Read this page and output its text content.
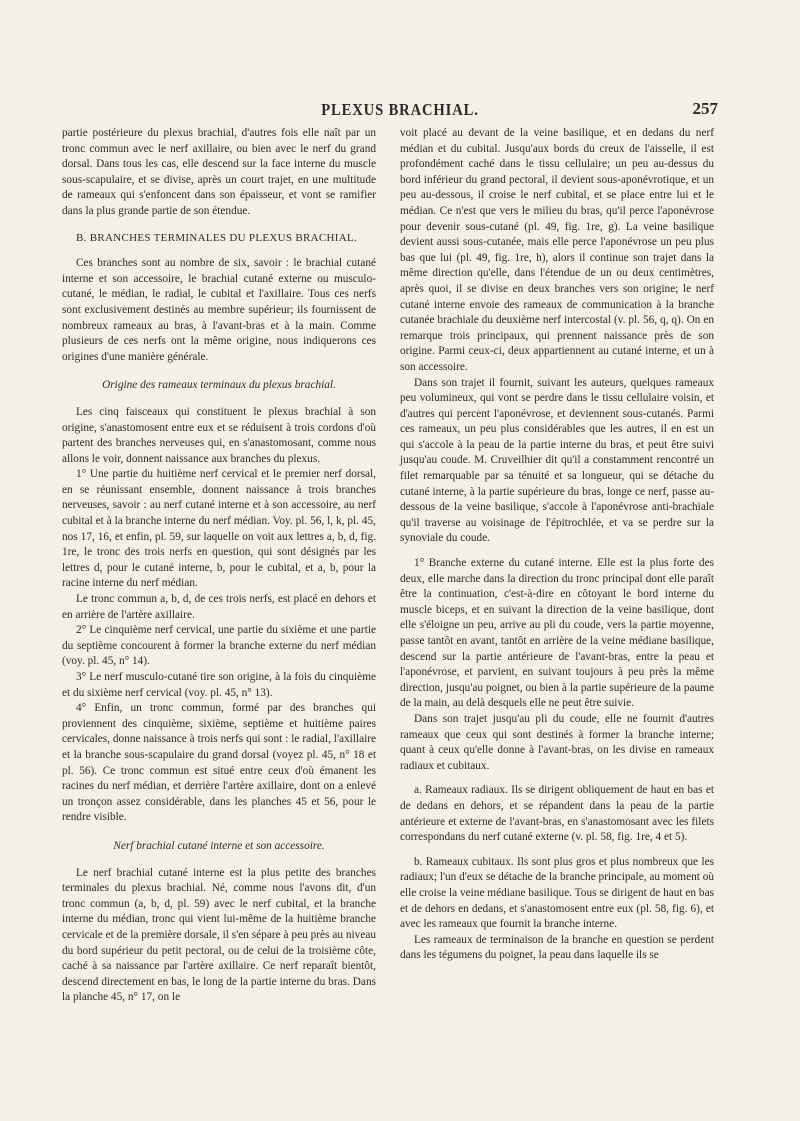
PLEXUS BRACHIAL.	257

partie postérieure du plexus brachial, d'autres fois elle naît par un tronc commun avec le nerf axillaire, ou bien avec le nerf du grand dorsal. Dans tous les cas, elle descend sur la face interne du muscle sous-scapulaire, et se divise, après un court trajet, en une multitude de rameaux qui s'enfoncent dans son épaisseur, et vont se ramifier dans la plus grande partie de son étendue.

B. BRANCHES TERMINALES DU PLEXUS BRACHIAL.

Ces branches sont au nombre de six, savoir : le brachial cutané interne et son accessoire, le brachial cutané externe ou musculo-cutané, le médian, le radial, le cubital et l'axillaire. Tous ces nerfs sont exclusivement destinés au membre supérieur; ils fournissent de nombreux rameaux au bras, à l'avant-bras et à la main. Comme plusieurs de ces nerfs ont la même origine, nous indiquerons ces origines d'une manière générale.

Origine des rameaux terminaux du plexus brachial.

Les cinq faisceaux qui constituent le plexus brachial à son origine, s'anastomosent entre eux et se réduisent à trois cordons d'où partent des branches nerveuses qui, en s'anastomosant, comme nous allons le voir, donnent naissance aux branches du plexus.

1° Une partie du huitième nerf cervical et le premier nerf dorsal, en se réunissant ensemble, donnent naissance à trois branches nerveuses, savoir : au nerf cutané interne et à son accessoire, au nerf cubital et à la branche interne du nerf médian. Voy. pl. 56, l, k, pl. 45, nos 17, 16, et enfin, pl. 59, sur laquelle on voit aux lettres a, b, d, fig. 1re, le tronc des trois nerfs en question, qui sont désignés par les lettres d, pour le cutané interne, b, pour le cubital, et a, b, pour la racine interne du nerf médian.

Le tronc commun a, b, d, de ces trois nerfs, est placé en dehors et en arrière de l'artère axillaire.

2° Le cinquième nerf cervical, une partie du sixième et une partie du septième concourent à former la branche externe du nerf médian (voy. pl. 45, n° 14).

3° Le nerf musculo-cutané tire son origine, à la fois du cinquième et du sixième nerf cervical (voy. pl. 45, n° 13).

4° Enfin, un tronc commun, formé par des branches qui proviennent des cinquième, sixième, septième et huitième paires cervicales, donne naissance à trois nerfs qui sont : le radial, l'axillaire et la branche sous-scapulaire du grand dorsal (voyez pl. 45, n° 18 et pl. 56). Ce tronc commun est situé entre ceux d'où émanent les racines du nerf médian, et derrière l'artère axillaire, dont on a enlevé un tronçon assez considérable, dans les planches 45 et 56, pour le rendre visible.

Nerf brachial cutané interne et son accessoire.

Le nerf brachial cutané interne est la plus petite des branches terminales du plexus brachial. Né, comme nous l'avons dit, d'un tronc commun (a, b, d, pl. 59) avec le nerf cubital, et la branche interne du médian, tronc qui vient lui-même de la huitième branche cervicale et de la première dorsale, il s'en sépare à peu près au niveau du bord supérieur du petit pectoral, ou de celui de la troisième côte, caché à sa naissance par l'artère axillaire. Ce nerf reparaît bientôt, descend directement en bas, le long de la partie interne du bras. Dans la planche 45, n° 17, on le

voit placé au devant de la veine basilique, et en dedans du nerf médian et du cubital. Jusqu'aux bords du creux de l'aisselle, il est profondément caché dans le tissu cellulaire; un peu au-dessus du bord inférieur du grand pectoral, il devient sous-aponévrotique, et un peu au-dessous, il croise le nerf cubital, et se place entre lui et le médian. Ce n'est que vers le milieu du bras, qu'il perce l'aponévrose pour devenir sous-cutané (pl. 49, fig. 1re, g). La veine basilique devient aussi sous-cutanée, mais elle perce l'aponévrose un peu plus bas que lui (pl. 49, fig. 1re, h), alors il continue son trajet dans la même direction qu'elle, dans l'étendue de un ou deux centimètres, après quoi, il se divise en deux branches vers son origine; le nerf cutané interne envoie des rameaux de communication à la branche cutanée brachiale du deuxième nerf intercostal (v. pl. 56, q, q). On en remarque trois principaux, qui prennent naissance près de son origine. Parmi ceux-ci, deux appartiennent au cutané interne, et un à son accessoire.

Dans son trajet il fournit, suivant les auteurs, quelques rameaux peu volumineux, qui vont se perdre dans le tissu cellulaire voisin, et d'autres qui percent l'aponévrose, et deviennent sous-cutanés. Parmi ces rameaux, un peu plus considérables que les autres, il en est un qui s'accole à la peau de la partie interne du bras, et peut être suivi jusqu'au coude. M. Cruveilhier dit qu'il a constamment rencontré un filet remarquable par sa ténuité et sa longueur, qui se détache du cutané interne, à la partie supérieure du bras, longe ce nerf, passe au-dessous de la veine basilique, s'accole à l'aponévrose anti-brachiale qu'il traverse au voisinage de l'épitrochlée, et va se perdre sur la synoviale du coude.

1° Branche externe du cutané interne. Elle est la plus forte des deux, elle marche dans la direction du tronc principal dont elle paraît être la continuation, c'est-à-dire en côtoyant le bord interne du muscle biceps, et en suivant la direction de la veine basilique, dont elle s'éloigne un peu, arrive au pli du coude, vers la partie moyenne, passe tantôt en avant, tantôt en arrière de la veine médiane basilique, descend sur la partie antérieure de l'avant-bras, entre la peau et l'aponévrose, et parvient, en suivant toujours à peu près la même direction, jusqu'au poignet, ou bien à la partie supérieure de la paume de la main, au delà desquels elle ne peut être suivie.

Dans son trajet jusqu'au pli du coude, elle ne fournit d'autres rameaux que ceux qui sont destinés à former la branche interne; quant à ceux qu'elle donne à l'avant-bras, on les divise en rameaux radiaux et cubitaux.

a. Rameaux radiaux. Ils se dirigent obliquement de haut en bas et de dedans en dehors, et se répandent dans la peau de la partie antérieure et externe de l'avant-bras, en s'anastomosant avec les filets correspondans du nerf cutané externe (v. pl. 58, fig. 1re, 4 et 5).

b. Rameaux cubitaux. Ils sont plus gros et plus nombreux que les radiaux; l'un d'eux se détache de la branche principale, au moment où elle croise la veine médiane basilique. Tous se dirigent de haut en bas et de dehors en dedans, et s'anastomosent entre eux (pl. 58, fig. 6), et avec les rameaux que fournit la branche interne.

Les rameaux de terminaison de la branche en question se perdent dans les tégumens du poignet, la peau dans laquelle ils se
